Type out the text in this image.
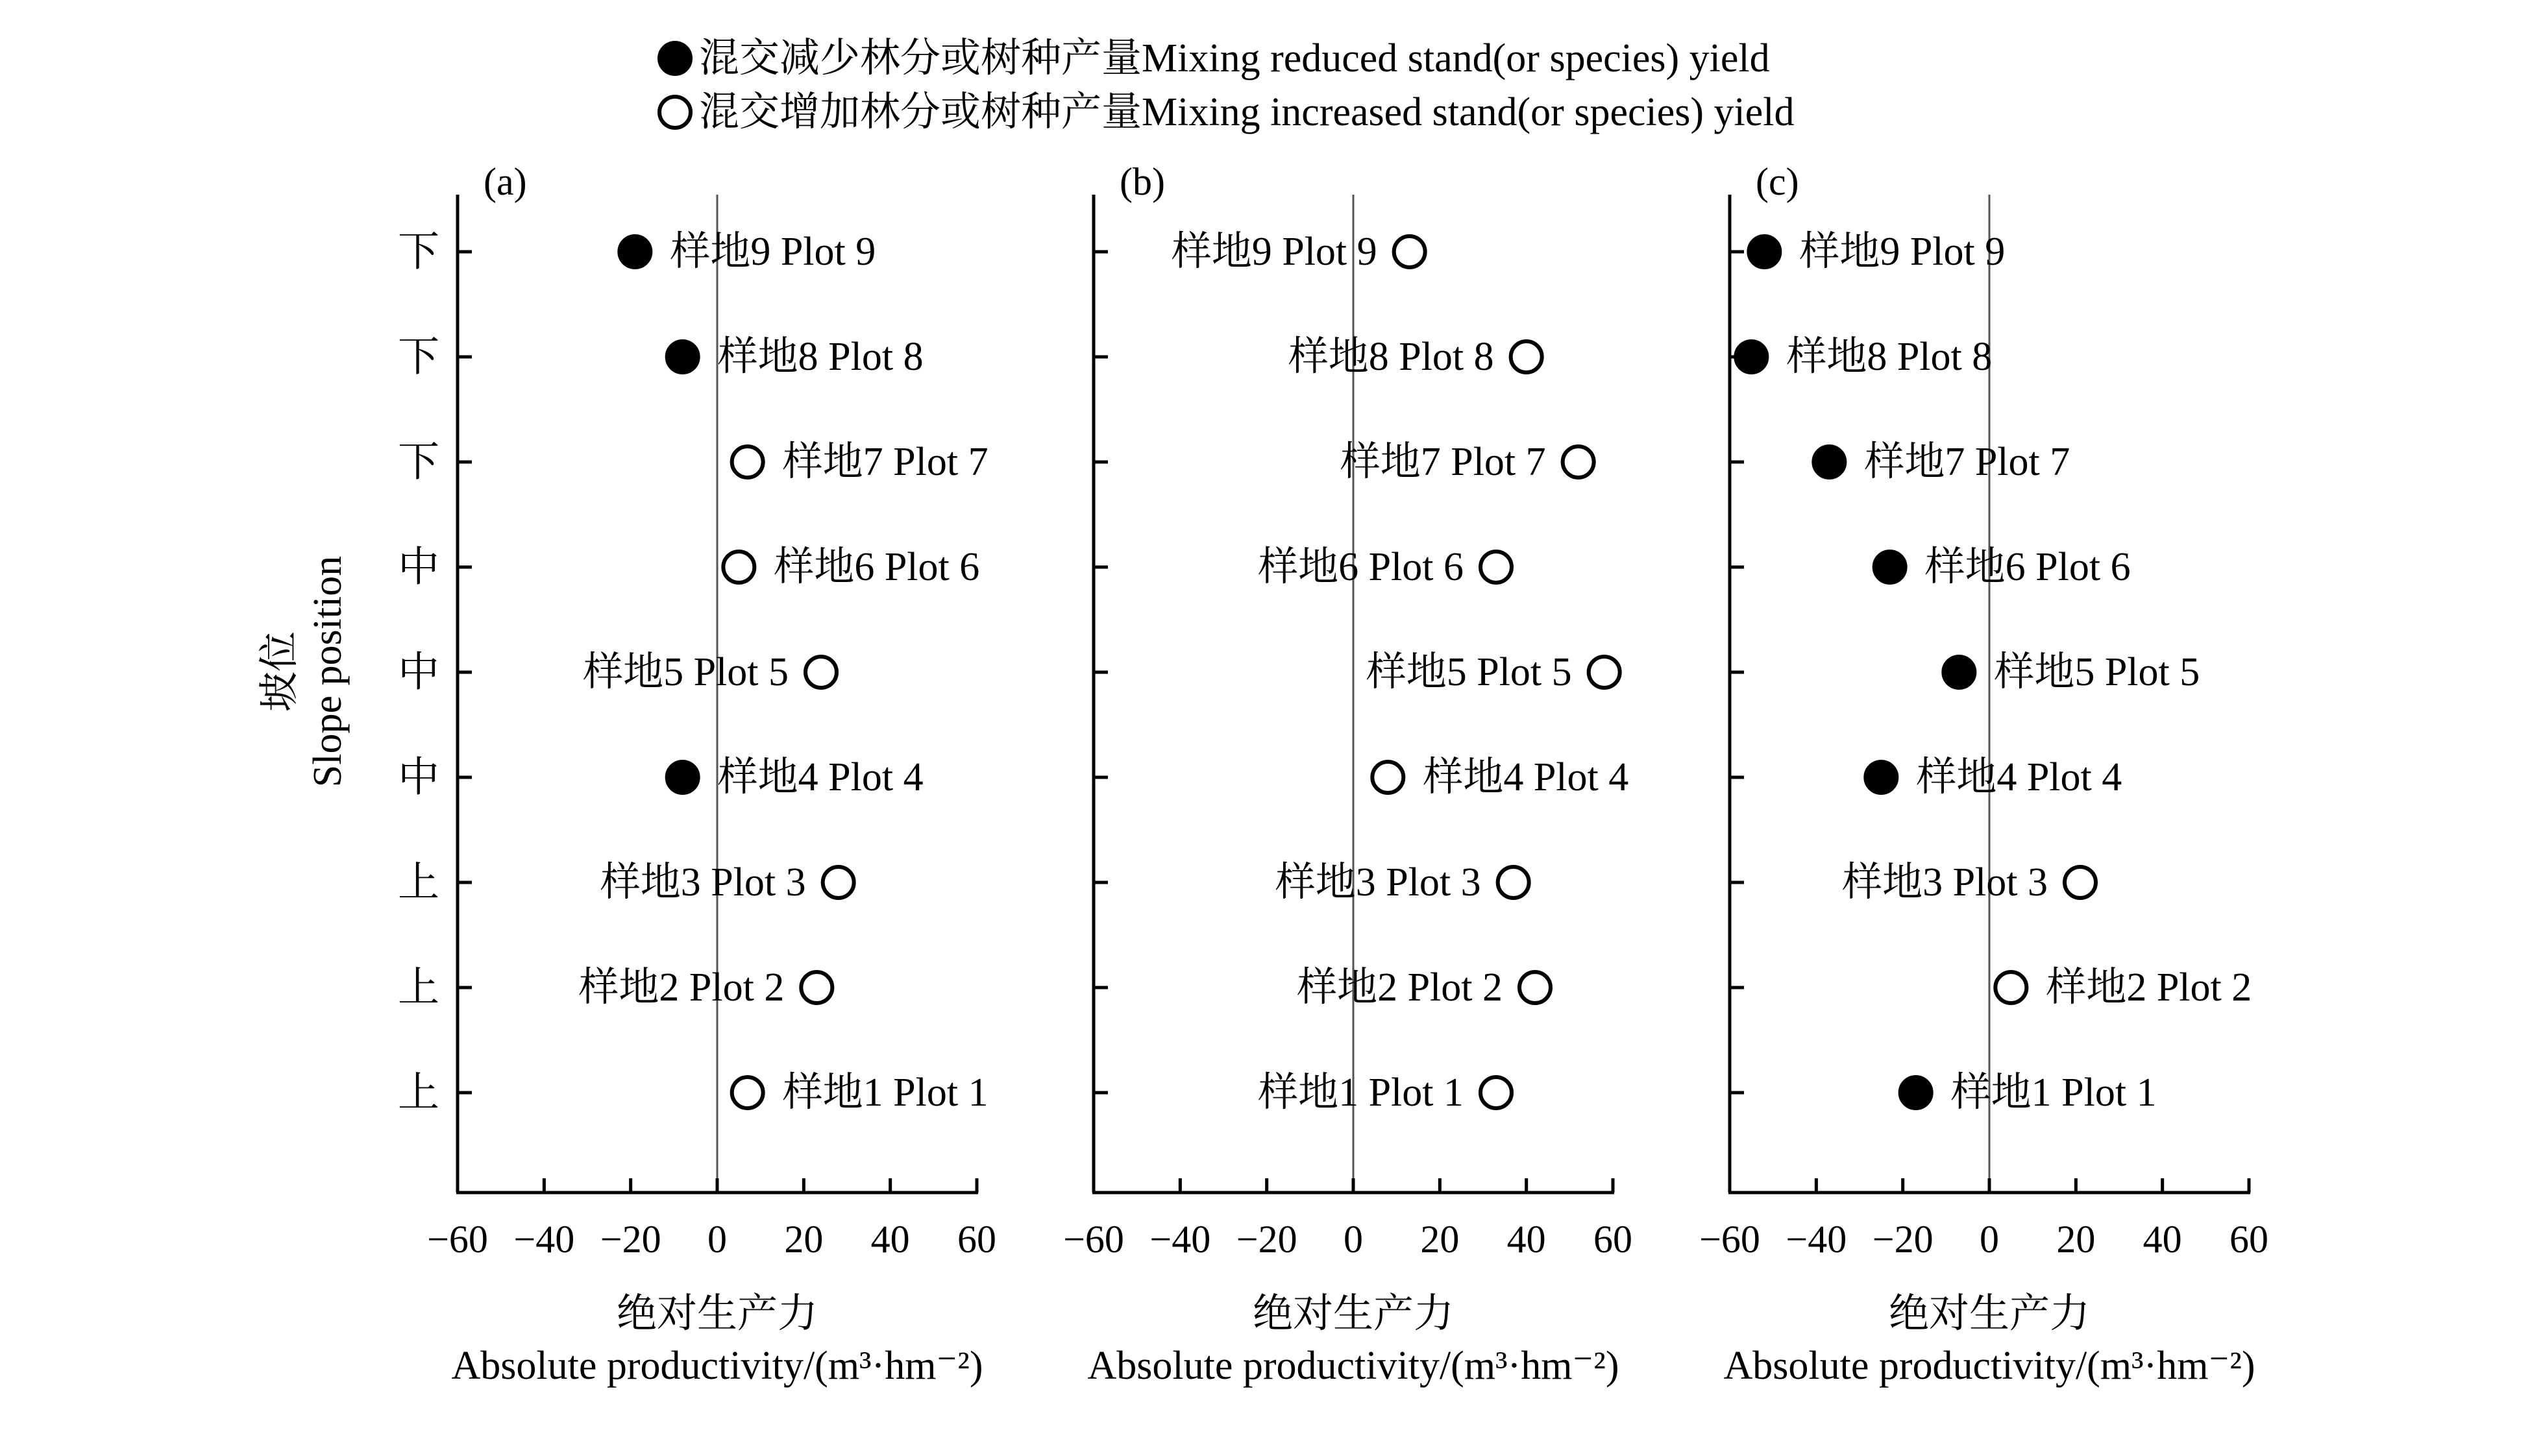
混交减少林分或树种产量Mixing reduced stand(or species) yield
混交增加林分或树种产量Mixing increased stand(or species) yield
坡位 Slope position
(a)
下
下
下
中
中
中
上
上
上
−60 −40 −20 0 20 40 60
绝对生产力
Absolute productivity/(m³·hm⁻²)
样地9 Plot 9
样地8 Plot 8
样地7 Plot 7
样地6 Plot 6
样地5 Plot 5
样地4 Plot 4
样地3 Plot 3
样地2 Plot 2
样地1 Plot 1
(b)
−60 −40 −20 0 20 40 60
绝对生产力
Absolute productivity/(m³·hm⁻²)
样地9 Plot 9
样地8 Plot 8
样地7 Plot 7
样地6 Plot 6
样地5 Plot 5
样地4 Plot 4
样地3 Plot 3
样地2 Plot 2
样地1 Plot 1
(c)
−60 −40 −20 0 20 40 60
绝对生产力
Absolute productivity/(m³·hm⁻²)
样地9 Plot 9
样地8 Plot 8
样地7 Plot 7
样地6 Plot 6
样地5 Plot 5
样地4 Plot 4
样地3 Plot 3
样地2 Plot 2
样地1 Plot 1
